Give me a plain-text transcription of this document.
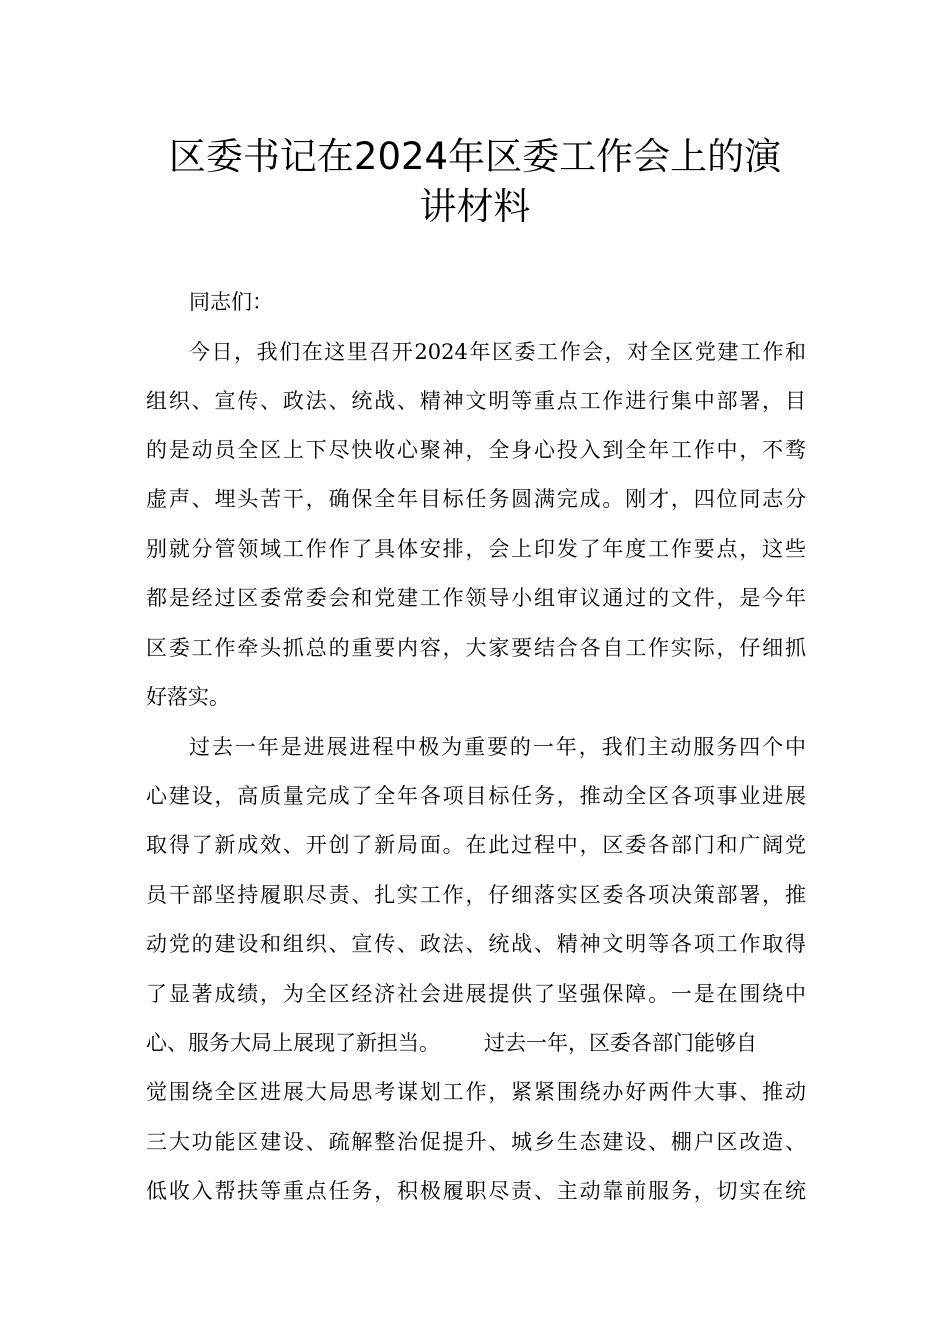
区委书记在2024年区委工作会上的演
讲材料
同志们：
今日，我们在这里召开2024年区委工作会，对全区党建工作和
组织、宣传、政法、统战、精神文明等重点工作进行集中部署，目
的是动员全区上下尽快收心聚神，全身心投入到全年工作中，不骛
虚声、埋头苦干，确保全年目标任务圆满完成。刚才，四位同志分
别就分管领域工作作了具体安排，会上印发了年度工作要点，这些
都是经过区委常委会和党建工作领导小组审议通过的文件，是今年
区委工作牵头抓总的重要内容，大家要结合各自工作实际，仔细抓
好落实。
过去一年是进展进程中极为重要的一年，我们主动服务四个中
心建设，高质量完成了全年各项目标任务，推动全区各项事业进展
取得了新成效、开创了新局面。在此过程中，区委各部门和广阔党
员干部坚持履职尽责、扎实工作，仔细落实区委各项决策部署，推
动党的建设和组织、宣传、政法、统战、精神文明等各项工作取得
了显著成绩，为全区经济社会进展提供了坚强保障。一是在围绕中
心、服务大局上展现了新担当。 过去一年，区委各部门能够自
觉围绕全区进展大局思考谋划工作，紧紧围绕办好两件大事、推动
三大功能区建设、疏解整治促提升、城乡生态建设、棚户区改造、
低收入帮扶等重点任务，积极履职尽责、主动靠前服务，切实在统
